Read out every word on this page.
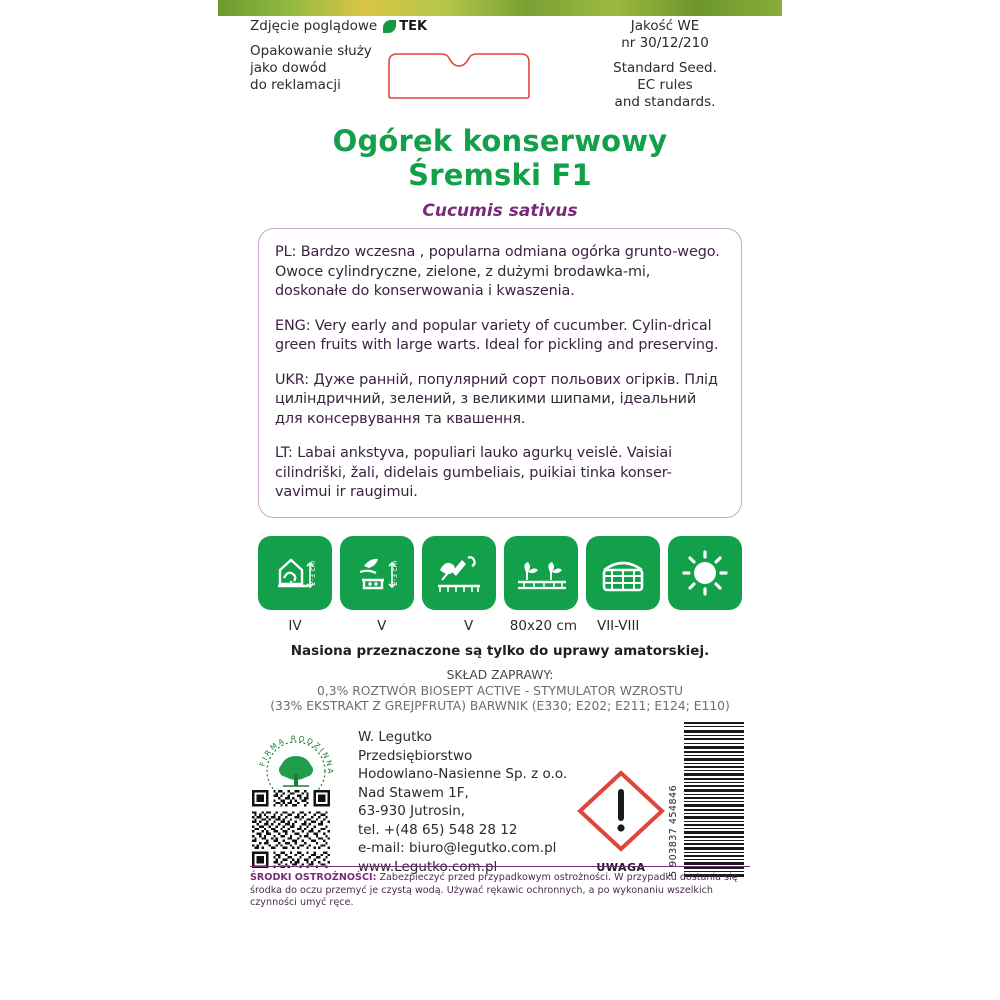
Zdjęcie poglądowe TEK
Opakowanie służy
jako dowód
do reklamacji
Jakość WE
nr 30/12/210
Standard Seed.
EC rules
and standards.
Ogórek konserwowy
Śremski F1
Cucumis sativus

PL: Bardzo wczesna , popularna odmiana ogórka grunto-wego. Owoce cylindryczne, zielone, z dużymi brodawka-mi, doskonałe do konserwowania i kwaszenia.

ENG: Very early and popular variety of cucumber. Cylin-drical green fruits with large warts. Ideal for pickling and preserving.

UKR: Дуже ранній, популярний сорт польових огірків. Плід циліндричний, зелений, з великими шипами, ідеальний для консервування та квашення.

LT: Labai ankstyva, populiari lauko agurkų veislė. Vaisiai cilindriški, žali, didelais gumbeliais, puikiai tinka konser-vavimui ir raugimui.

2-3 cm	2-3 cm
IV	V	V	80x20 cm	VII-VIII
Nasiona przeznaczone są tylko do uprawy amatorskiej.
SKŁAD ZAPRAWY:
0,3% ROZTWÓR BIOSEPT ACTIVE - STYMULATOR WZROSTU
(33% EKSTRAKT Z GREJPFRUTA) BARWNIK (E330; E202; E211; E124; E110)
FIRMA RODZINNA
W. Legutko
Przedsiębiorstwo
Hodowlano-Nasienne Sp. z o.o.
Nad Stawem 1F,
63-930 Jutrosin,
tel. +(48 65) 548 28 12
e-mail: biuro@legutko.com.pl
www.Legutko.com.pl	UWAGA	5 903837 454846
ŚRODKI OSTROŻNOŚCI: Zabezpieczyć przed przypadkowym ostrożności. W przypadku dostania się środka do oczu przemyć je czystą wodą. Używać rękawic ochronnych, a po wykonaniu wszelkich czynności umyć ręce.
